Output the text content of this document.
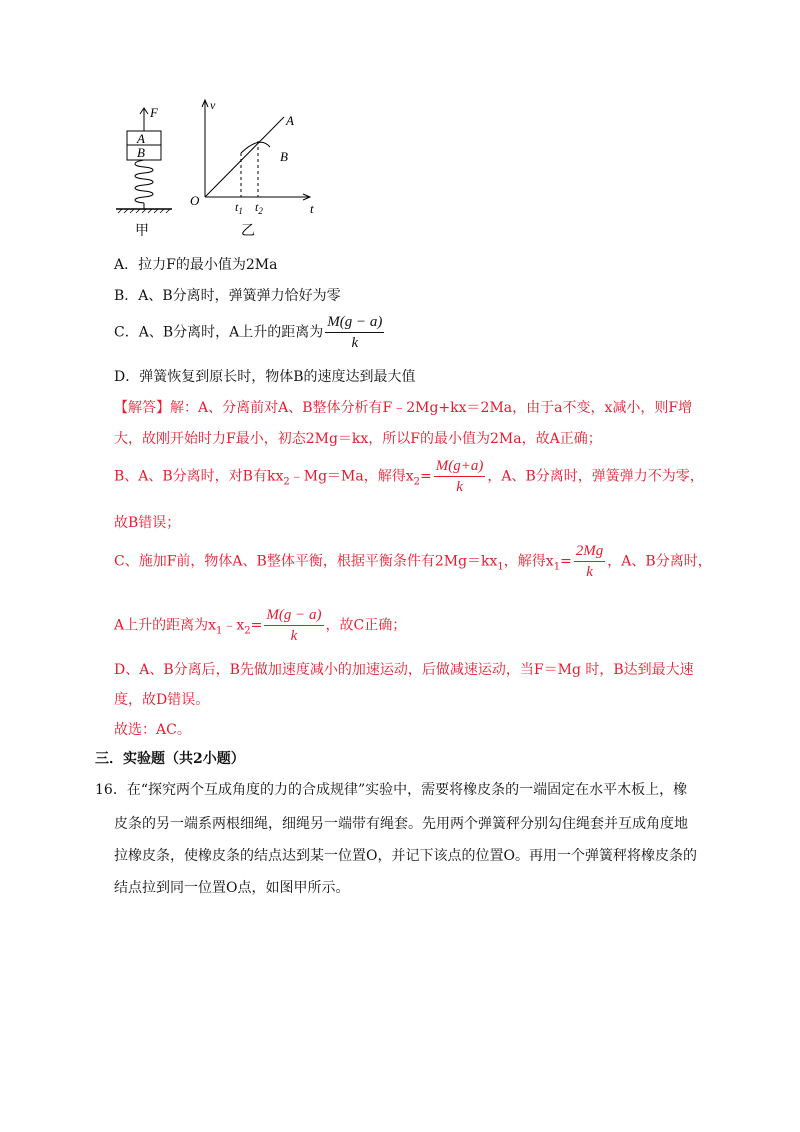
F
A
B
甲
v
t
O
A
B
$t_1$ $t_2$
乙
A．拉力F的最小值为2Ma
B．A、B分离时，弹簧弹力恰好为零
C．A、B分离时，A上升的距离为 $\frac{M(g - a)}{k}$
D．弹簧恢复到原长时，物体B的速度达到最大值
【解答】解：A、分离前对A、B整体分析有F﹣2Mg+kx＝2Ma，由于a不变，x减小，则F增
大，故刚开始时力F最小，初态2Mg＝kx，所以F的最小值为2Ma，故A正确；
B、A、B分离时，对B有$kx_2﹣Mg=Ma$，解得$x_2= \frac{M(g+a)}{k}$ ，A、B分离时，弹簧弹力不为零，
故B错误；
C、施加F前，物体A、B整体平衡，根据平衡条件有$2Mg=kx_1$，解得$x_1= \frac{2Mg}{k}$ ，A、B分离时，
A上升的距离为$x_1﹣x_2= \frac{M(g - a)}{k}$ ，故C正确；
D、A、B分离后，B先做加速度减小的加速运动，后做减速运动，当F＝Mg 时，B达到最大速
度，故D错误。
故选：AC。
三．实验题（共2小题）
16．在“探究两个互成角度的力的合成规律”实验中，需要将橡皮条的一端固定在水平木板上，橡
皮条的另一端系两根细绳，细绳另一端带有绳套。先用两个弹簧秤分别勾住绳套并互成角度地
拉橡皮条，使橡皮条的结点达到某一位置O，并记下该点的位置O。再用一个弹簧秤将橡皮条的
结点拉到同一位置O点，如图甲所示。
